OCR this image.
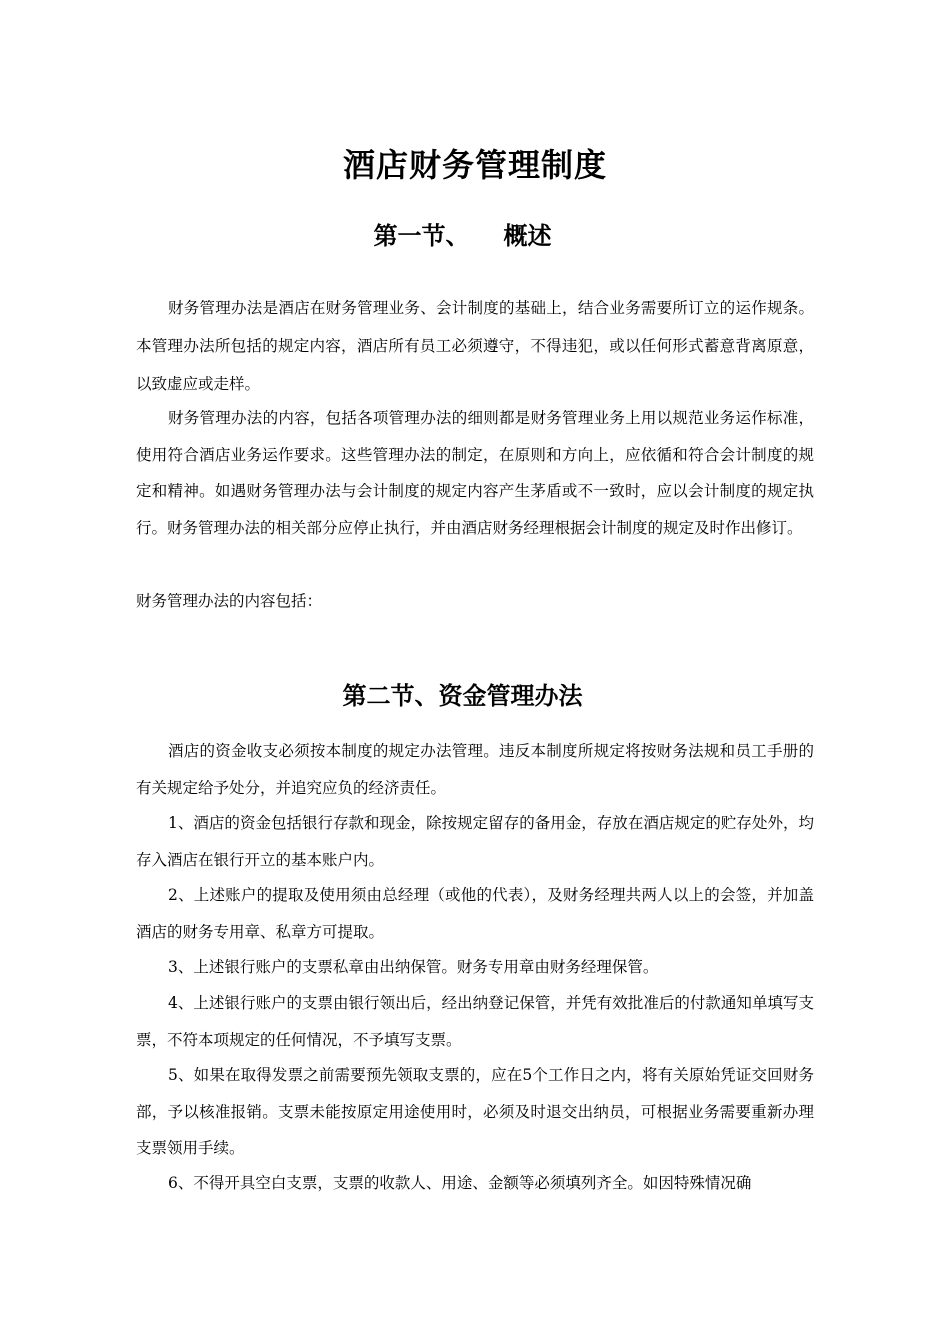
酒店财务管理制度
第一节、 概述

财务管理办法是酒店在财务管理业务、会计制度的基础上，结合业务需要所订立的运作规条。本管理办法所包括的规定内容，酒店所有员工必须遵守，不得违犯，或以任何形式蓄意背离原意，以致虚应或走样。

财务管理办法的内容，包括各项管理办法的细则都是财务管理业务上用以规范业务运作标准，使用符合酒店业务运作要求。这些管理办法的制定，在原则和方向上，应依循和符合会计制度的规定和精神。如遇财务管理办法与会计制度的规定内容产生茅盾或不一致时，应以会计制度的规定执行。财务管理办法的相关部分应停止执行，并由酒店财务经理根据会计制度的规定及时作出修订。

财务管理办法的内容包括：

第二节、资金管理办法

酒店的资金收支必须按本制度的规定办法管理。违反本制度所规定将按财务法规和员工手册的有关规定给予处分，并追究应负的经济责任。

1、酒店的资金包括银行存款和现金，除按规定留存的备用金，存放在酒店规定的贮存处外，均存入酒店在银行开立的基本账户内。

2、上述账户的提取及使用须由总经理（或他的代表），及财务经理共两人以上的会签，并加盖酒店的财务专用章、私章方可提取。

3、上述银行账户的支票私章由出纳保管。财务专用章由财务经理保管。

4、上述银行账户的支票由银行领出后，经出纳登记保管，并凭有效批准后的付款通知单填写支票，不符本项规定的任何情况，不予填写支票。

5、如果在取得发票之前需要预先领取支票的，应在5个工作日之内，将有关原始凭证交回财务部，予以核准报销。支票未能按原定用途使用时，必须及时退交出纳员，可根据业务需要重新办理支票领用手续。

6、不得开具空白支票，支票的收款人、用途、金额等必须填列齐全。如因特殊情况确
